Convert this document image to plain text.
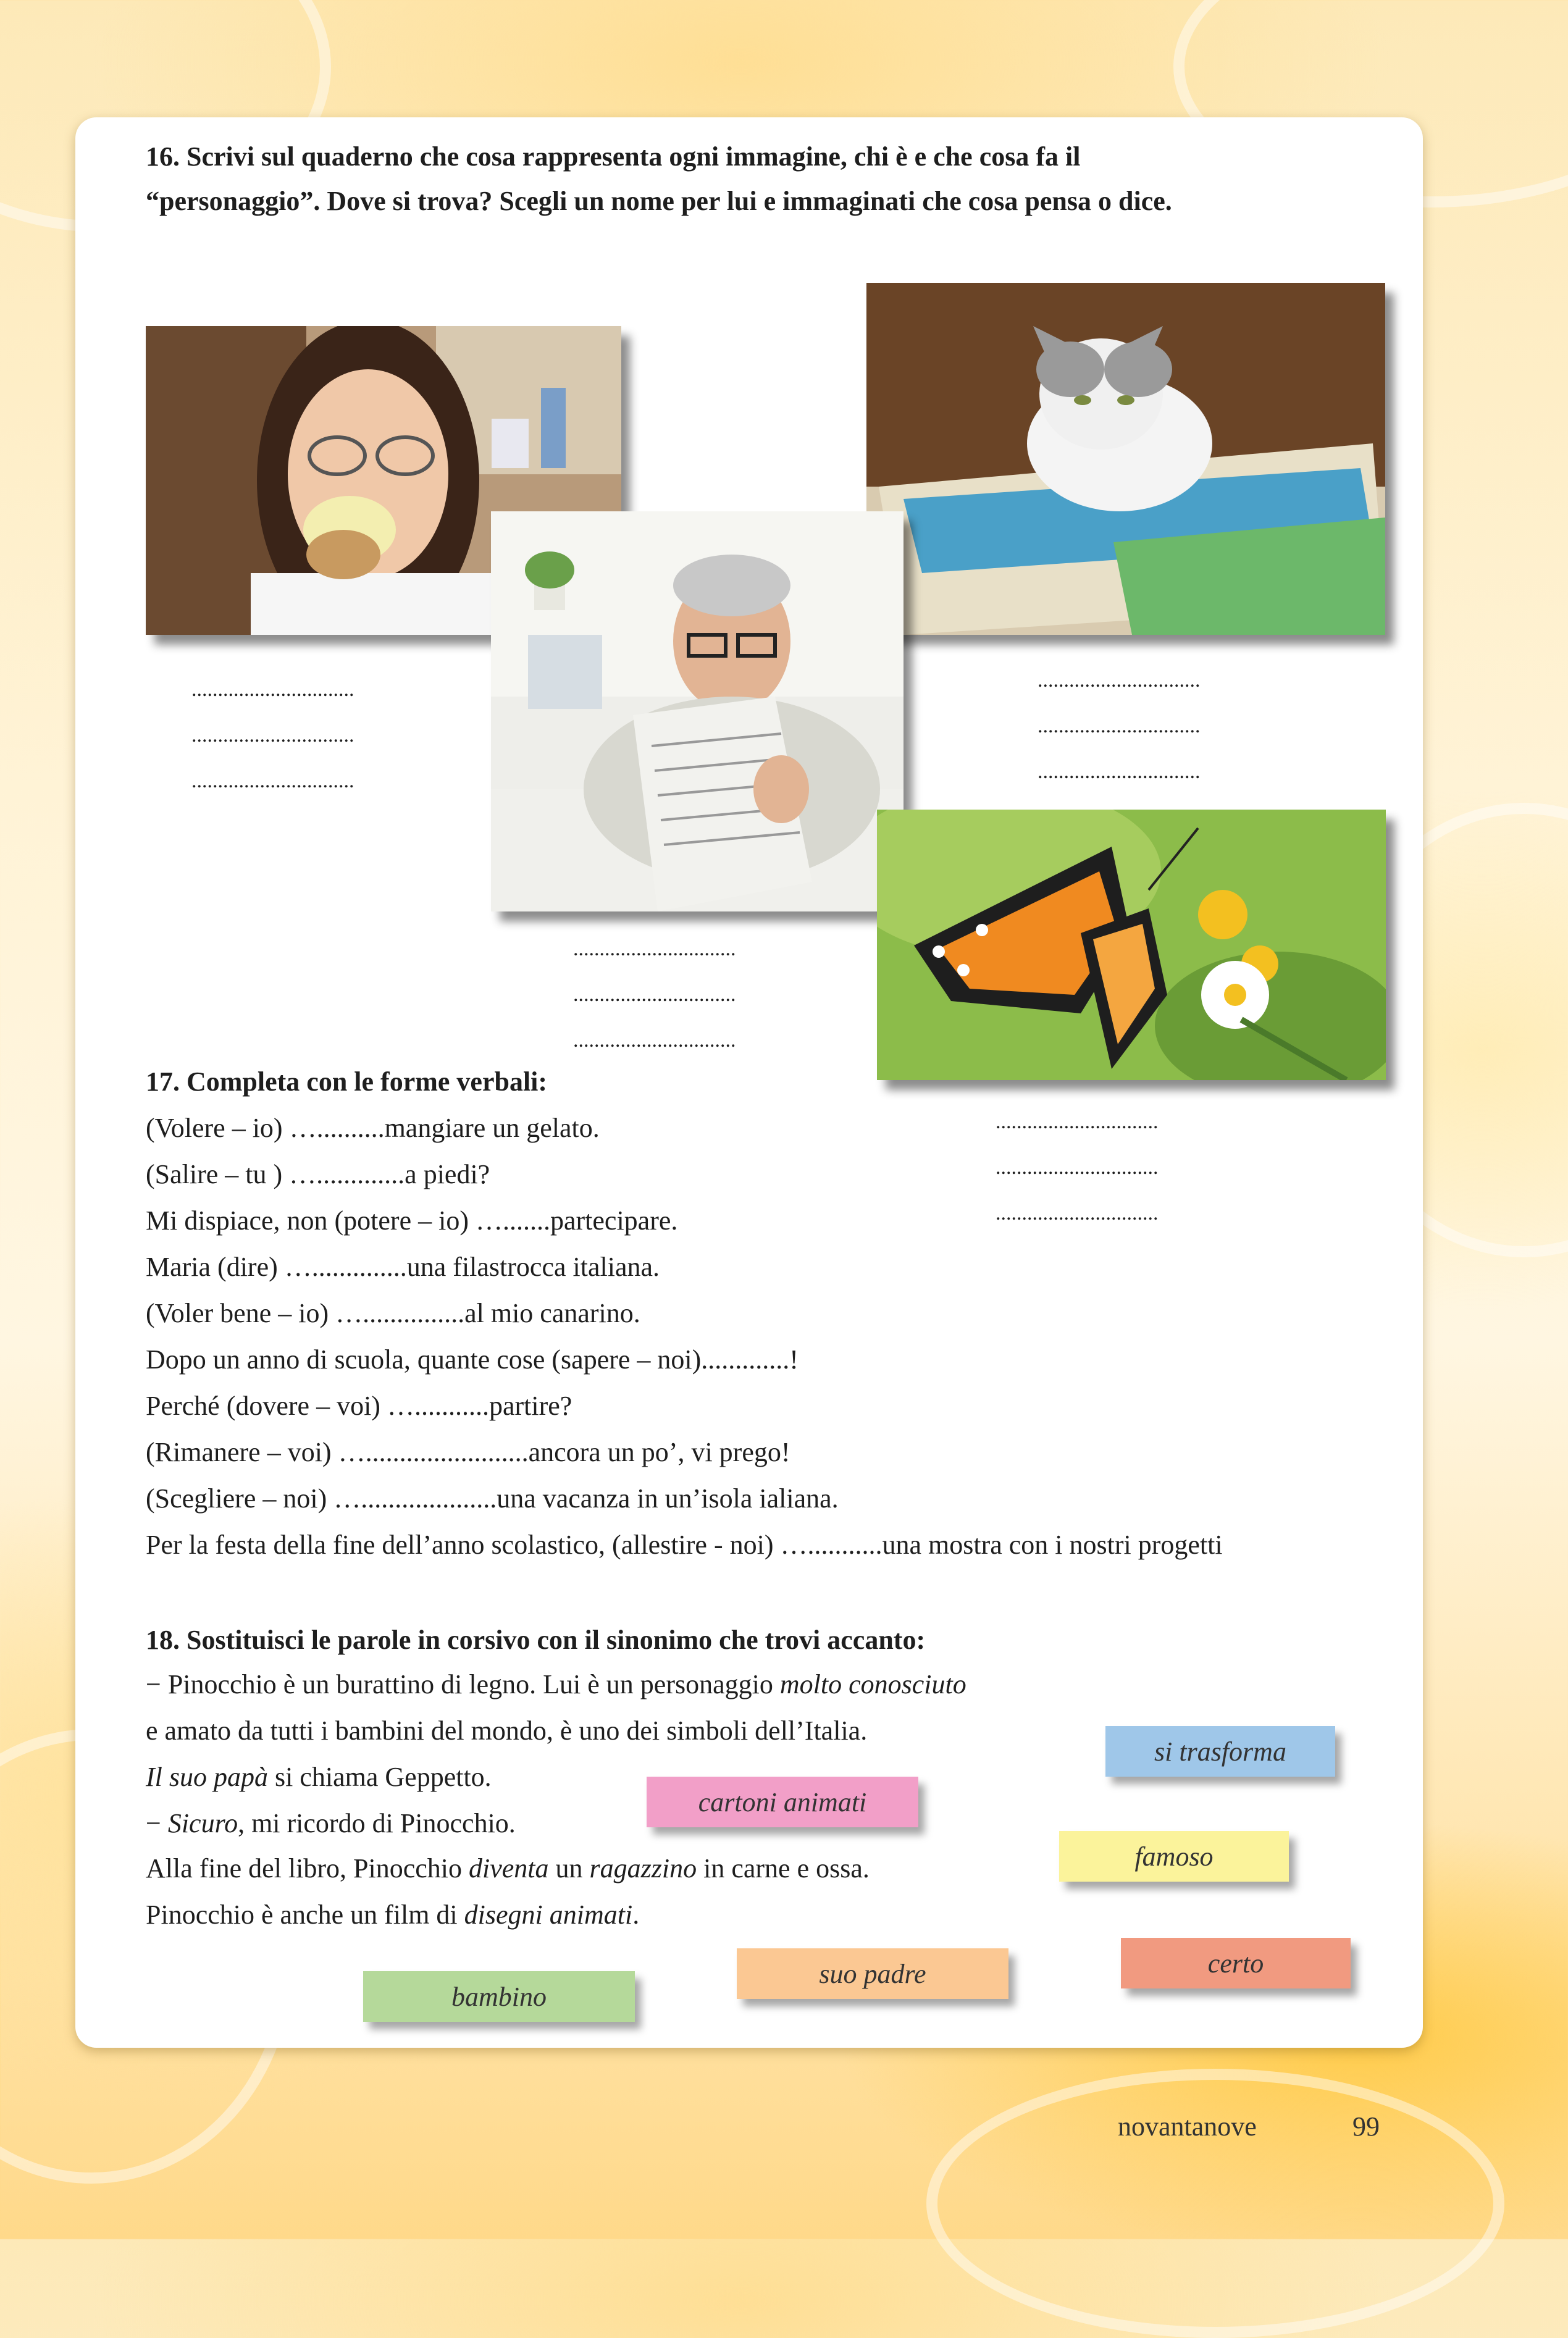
16. Scrivi sul quaderno che cosa rappresenta ogni immagine, chi è e che cosa fa il
“personaggio”. Dove si trova? Scegli un nome per lui e immaginati che cosa pensa o dice.
...............................
...............................
...............................
...............................
...............................
...............................
...............................
...............................
...............................
...............................
...............................
...............................
17. Completa con le forme verbali:
(Volere – io) …..........mangiare un gelato.
(Salire – tu ) ….............a piedi?
Mi dispiace, non (potere – io) ….......partecipare.
Maria (dire) …..............una filastrocca italiana.
(Voler bene – io) …...............al mio canarino.
Dopo un anno di scuola, quante cose (sapere – noi).............!
Perché (dovere – voi) …...........partire?
(Rimanere – voi) …........................ancora un po’, vi prego!
(Scegliere – noi) …....................una vacanza in un’isola ialiana.
Per la festa della fine dell’anno scolastico, (allestire - noi) …...........una mostra con i nostri progetti
18. Sostituisci le parole in corsivo con il sinonimo che trovi accanto:
− Pinocchio è un burattino di legno. Lui è un personaggio molto conosciuto
e amato da tutti i bambini del mondo, è uno dei simboli dell’Italia.
Il suo papà si chiama Geppetto.
− Sicuro, mi ricordo di Pinocchio.
Alla fine del libro, Pinocchio diventa un ragazzino in carne e ossa.
Pinocchio è anche un film di disegni animati.
si trasforma
cartoni animati
famoso
certo
suo padre
bambino
novantanove	99
